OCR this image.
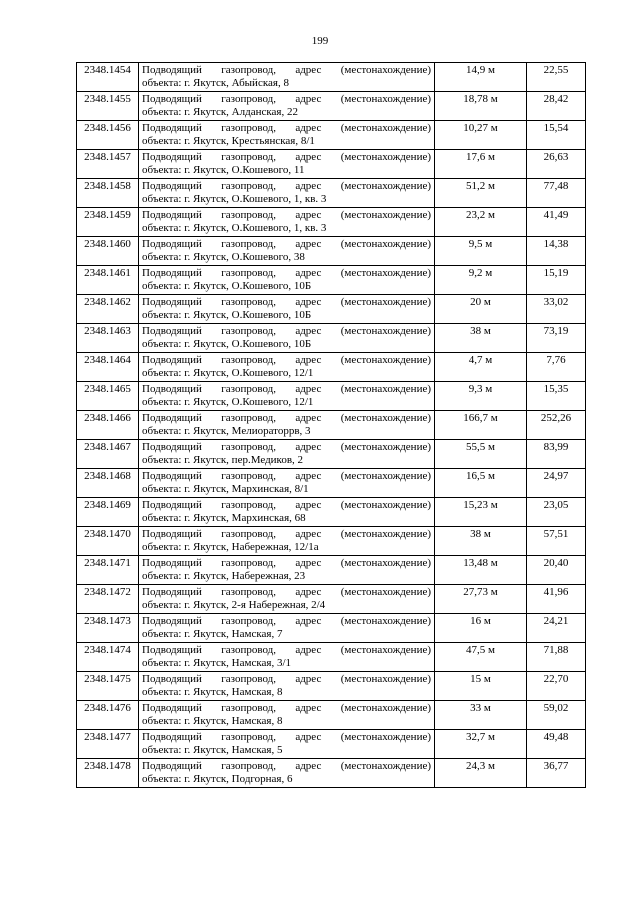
199
2348.1454	Подводящий газопровод, адрес (местонахождение)
объекта: г. Якутск, Абыйская, 8	14,9 м	22,55
2348.1455	Подводящий газопровод, адрес (местонахождение)
объекта: г. Якутск, Алданская, 22	18,78 м	28,42
2348.1456	Подводящий газопровод, адрес (местонахождение)
объекта: г. Якутск, Крестьянская, 8/1	10,27 м	15,54
2348.1457	Подводящий газопровод, адрес (местонахождение)
объекта: г. Якутск, О.Кошевого, 11	17,6 м	26,63
2348.1458	Подводящий газопровод, адрес (местонахождение)
объекта: г. Якутск, О.Кошевого, 1, кв. 3	51,2 м	77,48
2348.1459	Подводящий газопровод, адрес (местонахождение)
объекта: г. Якутск, О.Кошевого, 1, кв. 3	23,2 м	41,49
2348.1460	Подводящий газопровод, адрес (местонахождение)
объекта: г. Якутск, О.Кошевого, 38	9,5 м	14,38
2348.1461	Подводящий газопровод, адрес (местонахождение)
объекта: г. Якутск, О.Кошевого, 10Б	9,2 м	15,19
2348.1462	Подводящий газопровод, адрес (местонахождение)
объекта: г. Якутск, О.Кошевого, 10Б	20 м	33,02
2348.1463	Подводящий газопровод, адрес (местонахождение)
объекта: г. Якутск, О.Кошевого, 10Б	38 м	73,19
2348.1464	Подводящий газопровод, адрес (местонахождение)
объекта: г. Якутск, О.Кошевого, 12/1	4,7 м	7,76
2348.1465	Подводящий газопровод, адрес (местонахождение)
объекта: г. Якутск, О.Кошевого, 12/1	9,3 м	15,35
2348.1466	Подводящий газопровод, адрес (местонахождение)
объекта: г. Якутск, Мелиораторрв, 3	166,7 м	252,26
2348.1467	Подводящий газопровод, адрес (местонахождение)
объекта: г. Якутск, пер.Медиков, 2	55,5 м	83,99
2348.1468	Подводящий газопровод, адрес (местонахождение)
объекта: г. Якутск, Мархинская, 8/1	16,5 м	24,97
2348.1469	Подводящий газопровод, адрес (местонахождение)
объекта: г. Якутск, Мархинская, 68	15,23 м	23,05
2348.1470	Подводящий газопровод, адрес (местонахождение)
объекта: г. Якутск, Набережная, 12/1а	38 м	57,51
2348.1471	Подводящий газопровод, адрес (местонахождение)
объекта: г. Якутск, Набережная, 23	13,48 м	20,40
2348.1472	Подводящий газопровод, адрес (местонахождение)
объекта: г. Якутск, 2-я Набережная, 2/4	27,73 м	41,96
2348.1473	Подводящий газопровод, адрес (местонахождение)
объекта: г. Якутск, Намская, 7	16 м	24,21
2348.1474	Подводящий газопровод, адрес (местонахождение)
объекта: г. Якутск, Намская, 3/1	47,5 м	71,88
2348.1475	Подводящий газопровод, адрес (местонахождение)
объекта: г. Якутск, Намская, 8	15 м	22,70
2348.1476	Подводящий газопровод, адрес (местонахождение)
объекта: г. Якутск, Намская, 8	33 м	59,02
2348.1477	Подводящий газопровод, адрес (местонахождение)
объекта: г. Якутск, Намская, 5	32,7 м	49,48
2348.1478	Подводящий газопровод, адрес (местонахождение)
объекта: г. Якутск, Подгорная, 6	24,3 м	36,77
